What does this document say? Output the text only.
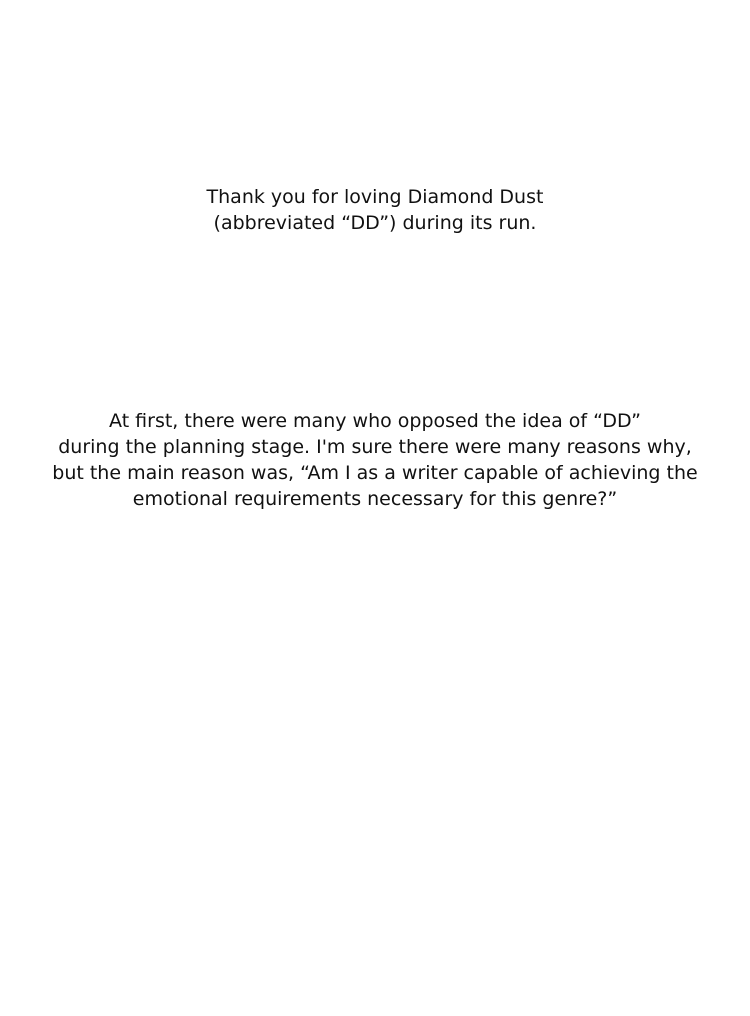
Thank you for loving Diamond Dust
(abbreviated “DD”) during its run.
At first, there were many who opposed the idea of “DD”
during the planning stage. I'm sure there were many reasons why,
but the main reason was, “Am I as a writer capable of achieving the
emotional requirements necessary for this genre?”
